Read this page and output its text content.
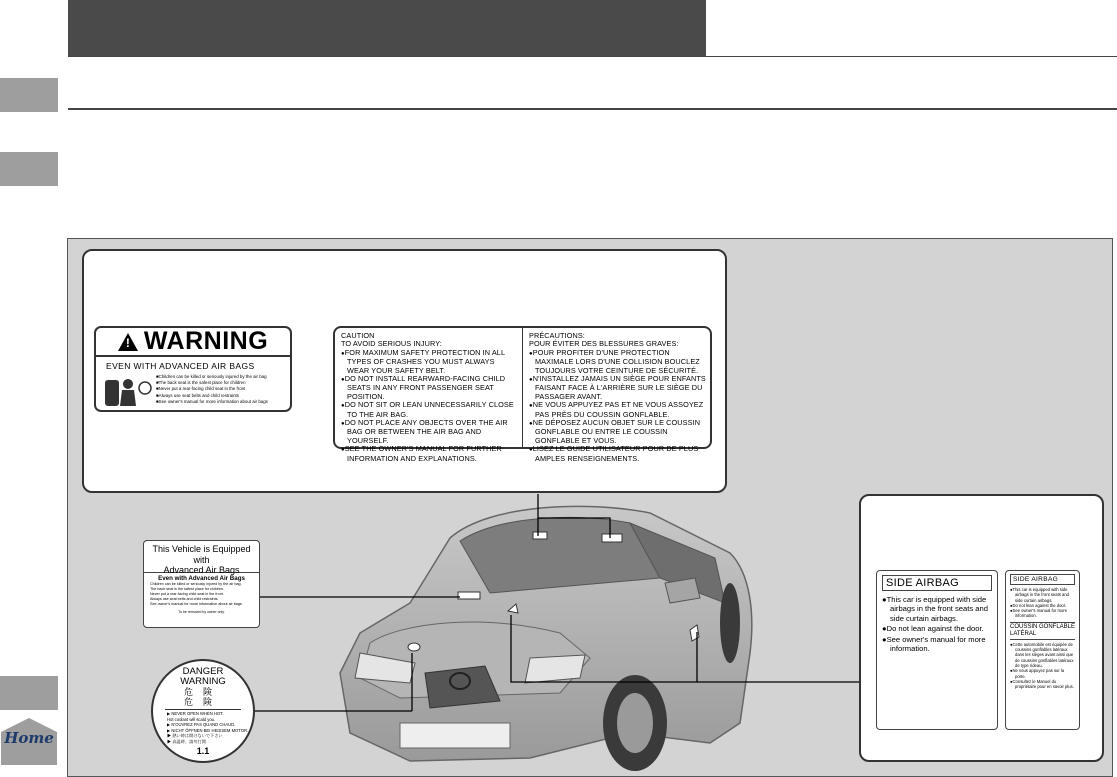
Home
!
WARNING
EVEN WITH ADVANCED AIR BAGS
■ Children can be killed or seriously injured by the air bag
■ The back seat is the safest place for children
■ Never put a rear-facing child seat in the front
■ Always use seat belts and child restraints
■ See owner's manual for more information about air bags
CAUTION
TO AVOID SERIOUS INJURY:
● FOR MAXIMUM SAFETY PROTECTION IN ALL TYPES OF CRASHES YOU MUST ALWAYS WEAR YOUR SAFETY BELT.
● DO NOT INSTALL REARWARD-FACING CHILD SEATS IN ANY FRONT PASSENGER SEAT POSITION.
● DO NOT SIT OR LEAN UNNECESSARILY CLOSE TO THE AIR BAG.
● DO NOT PLACE ANY OBJECTS OVER THE AIR BAG OR BETWEEN THE AIR BAG AND YOURSELF.
● SEE THE OWNER'S MANUAL FOR FURTHER INFORMATION AND EXPLANATIONS.
PRÉCAUTIONS:
POUR ÉVITER DES BLESSURES GRAVES:
● POUR PROFITER D'UNE PROTECTION MAXIMALE LORS D'UNE COLLISION BOUCLEZ TOUJOURS VOTRE CEINTURE DE SÉCURITÉ.
● N'INSTALLEZ JAMAIS UN SIÈGE POUR ENFANTS FAISANT FACE À L'ARRIÈRE SUR LE SIÈGE DU PASSAGER AVANT.
● NE VOUS APPUYEZ PAS ET NE VOUS ASSOYEZ PAS PRÈS DU COUSSIN GONFLABLE.
● NE DÉPOSEZ AUCUN OBJET SUR LE COUSSIN GONFLABLE OU ENTRE LE COUSSIN GONFLABLE ET VOUS.
● LISEZ LE GUIDE UTILISATEUR POUR DE PLUS AMPLES RENSEIGNEMENTS.
This Vehicle is Equipped with
Advanced Air Bags
Even with Advanced Air Bags
Children can be killed or seriously injured by the air bag.
The back seat is the safest place for children.
Never put a rear-facing child seat in the front.
Always use seat belts and child restraints.
See owner's manual for more information about air bags.
To be removed by owner only.
DANGER
WARNING
危険
危険
▶ NEVER OPEN WHEN HOT.
Hot coolant will scald you.
▶ N'OUVREZ PAS QUAND CHAUD.
▶ NICHT ÖFFNEN BEI HEISSEM MOTOR.
▶ 熱い時は開けないで下さい
▶ 高温時、請勿打開
1.1
SIDE AIRBAG
● This car is equipped with side airbags in the front seats and side curtain airbags.
● Do not lean against the door.
● See owner's manual for more information.
SIDE AIRBAG
● This car is equipped with side airbags in the front seats and side curtain airbags.
● Do not lean against the door.
● See owner's manual for more information.
COUSSIN GONFLABLE
LATÉRAL
● Cette automobile est équipée de coussins gonflables latéraux dans les sièges avant ainsi que de coussins gonflables latéraux de type rideau.
● Ne vous appuyez pas sur la porte.
● Consultez le Manuel du propriétaire pour en savoir plus.
